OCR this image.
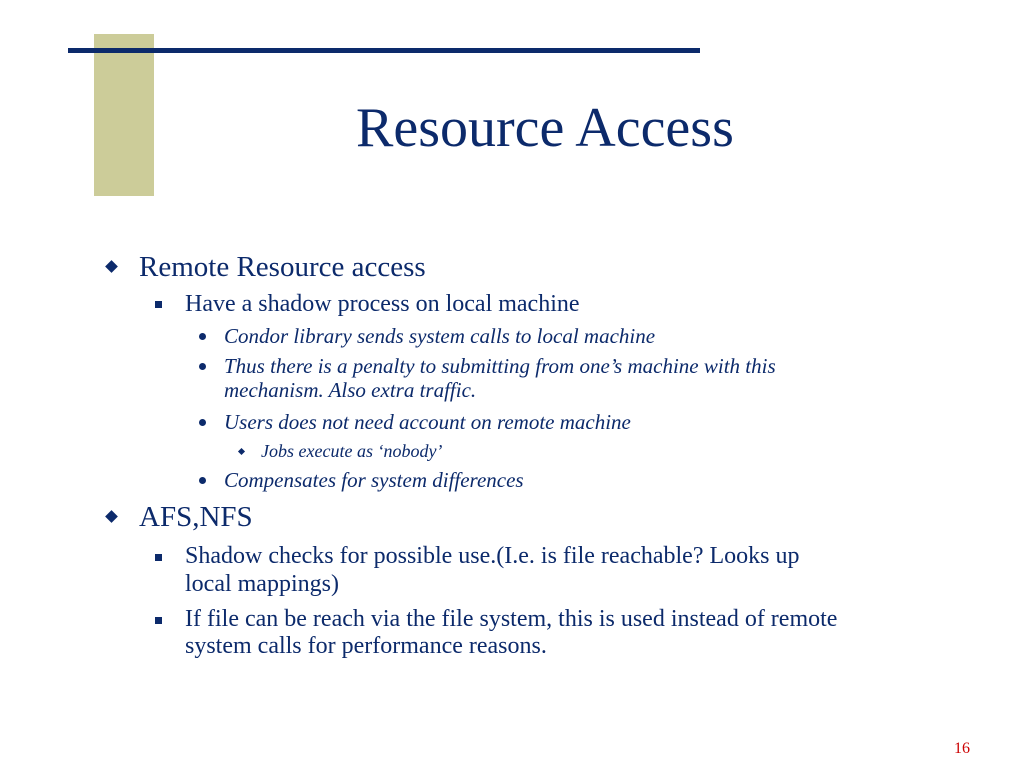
Resource Access
Remote Resource access
Have a shadow process on local machine
Condor library sends system calls to local machine
Thus there is a penalty to submitting from one’s machine with this
mechanism. Also extra traffic.
Users does not need account on remote machine
Jobs execute as ‘nobody’
Compensates for system differences
AFS,NFS
Shadow checks for possible use.(I.e. is file reachable? Looks up
local mappings)
If file can be reach via the file system, this is used instead of remote
system calls for performance reasons.
16
